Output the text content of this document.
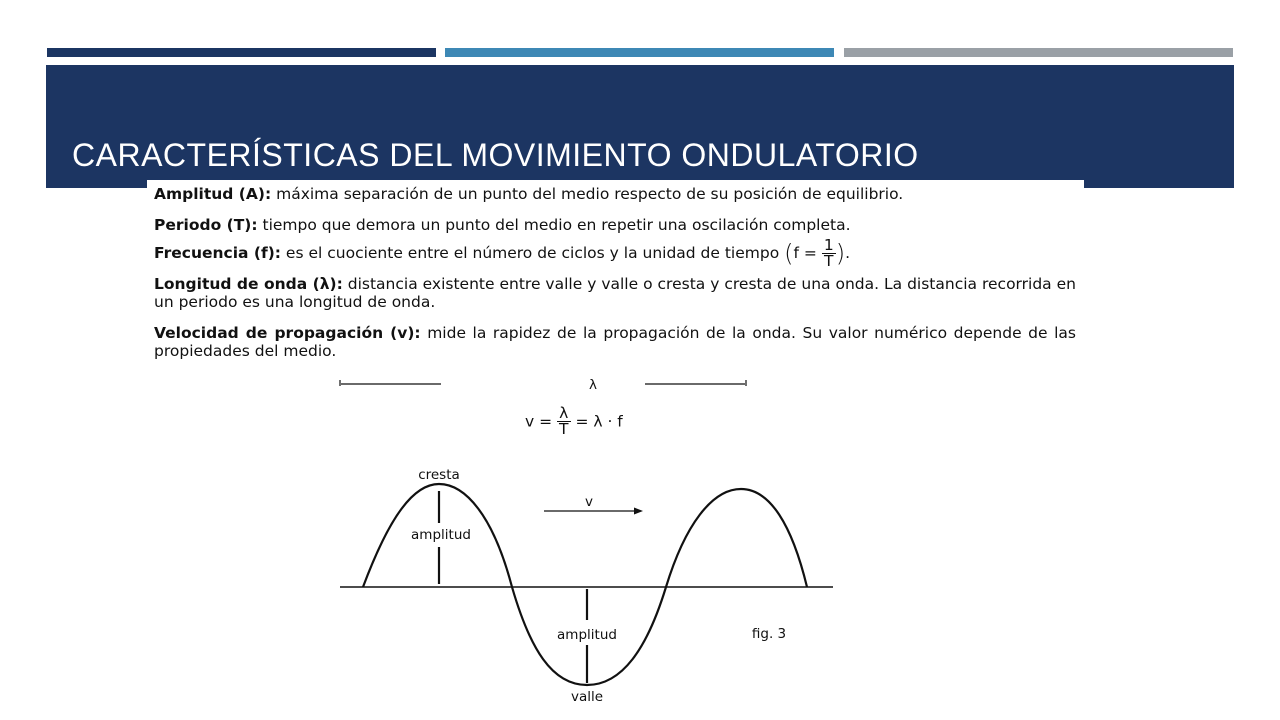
CARACTERÍSTICAS DEL MOVIMIENTO ONDULATORIO

Amplitud (A): máxima separación de un punto del medio respecto de su posición de equilibrio.

Periodo (T): tiempo que demora un punto del medio en repetir una oscilación completa.

Frecuencia (f): es el cuociente entre el número de ciclos y la unidad de tiempo ($f = \frac{1}{T}$ ).

Longitud de onda (λ): distancia existente entre valle y valle o cresta y cresta de una onda. La distancia recorrida en un periodo es una longitud de onda.

Velocidad de propagación (v): mide la rapidez de la propagación de la onda. Su valor numérico depende de las propiedades del medio.

$v = \frac{\lambda}{T} = \lambda \cdot f$
λ
cresta
amplitud
v
amplitud
valle
fig. 3
